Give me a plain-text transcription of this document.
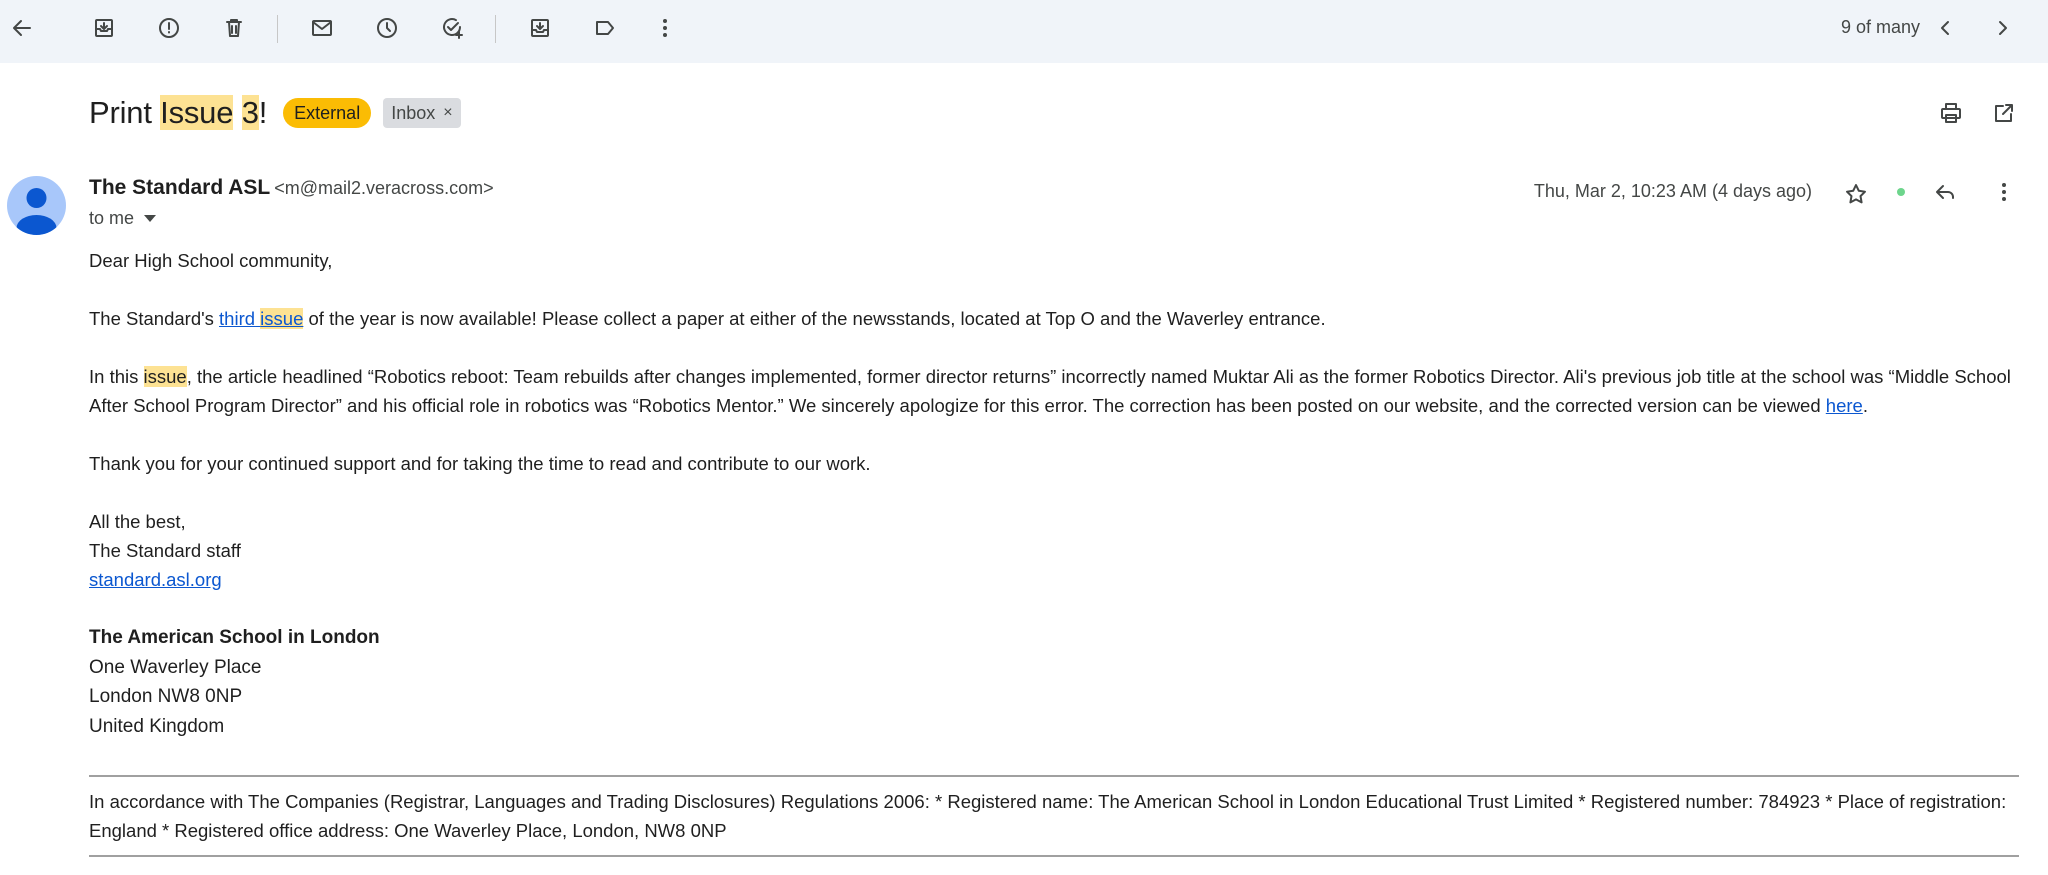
9 of many
Print Issue 3!	External	Inbox ×
The Standard ASL <m@mail2.veracross.com>
to me
Thu, Mar 2, 10:23 AM (4 days ago)

Dear High School community,

The Standard's third issue of the year is now available! Please collect a paper at either of the newsstands, located at Top O and the Waverley entrance.

In this issue, the article headlined “Robotics reboot: Team rebuilds after changes implemented, former director returns” incorrectly named Muktar Ali as the former Robotics Director. Ali's previous job title at the school was “Middle School After School Program Director” and his official role in robotics was “Robotics Mentor.” We sincerely apologize for this error. The correction has been posted on our website, and the corrected version can be viewed here.

Thank you for your continued support and for taking the time to read and contribute to our work.

All the best,

The Standard staff

standard.asl.org

The American School in London
One Waverley Place
London NW8 0NP
United Kingdom
In accordance with The Companies (Registrar, Languages and Trading Disclosures) Regulations 2006: * Registered name: The American School in London Educational Trust Limited * Registered number: 784923 * Place of registration: England * Registered office address: One Waverley Place, London, NW8 0NP
